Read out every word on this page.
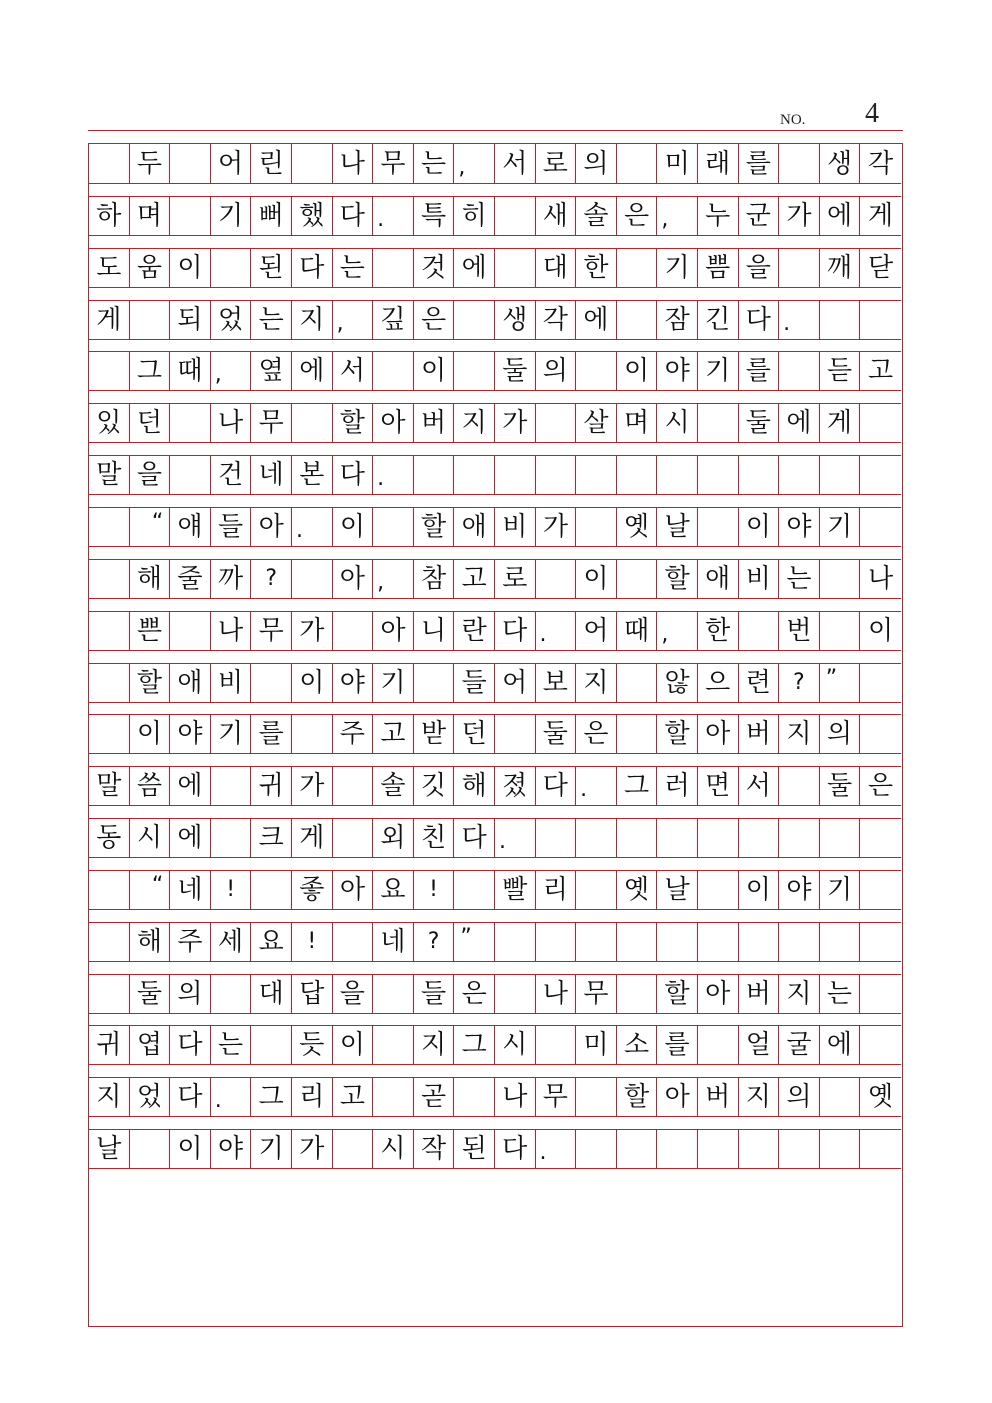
NO. 4
두	어 린	나 무 는 ,	서 로 의	미 래 를	생 각
하 며	기 뻐 했 다 .	특 히	새 솔 은 ,	누 군 가 에 게
도 움 이	된 다 는	것 에	대 한	기 쁨 을	깨 닫
게	되 었 는 지 ,	깊 은	생 각 에	잠 긴 다 .
그 때 ,	옆 에 서	이	둘 의	이 야 기 를	듣 고
있 던	나 무	할 아 버 지 가	살 며 시	둘 에 게
말 을	건 네 본 다 .
“ 얘 들 아 .	이	할 애 비 가	옛 날	이 야 기
해 줄 까	?	아 ,	참 고 로	이	할 애 비 는	나
쁜	나 무 가	아 니 란 다 .	어 때 ,	한	번	이
할 애 비	이 야 기	들 어 보 지	않 으 련	? ”
이 야 기 를	주 고 받 던	둘 은	할 아 버 지 의
말 씀 에	귀 가	솔 깃 해 졌 다 .	그 러 면 서	둘 은
동 시 에	크 게	외 친 다 .
“ 네	!	좋 아 요	!	빨 리	옛 날	이 야 기
해 주 세 요	!	네	? ”
둘 의	대 답 을	들 은	나 무	할 아 버 지 는
귀 엽 다 는	듯 이	지 그 시	미 소 를	얼 굴 에
지 었 다 .	그 리 고	곧	나 무	할 아 버 지 의	옛
날	이 야 기 가	시 작 된 다 .
